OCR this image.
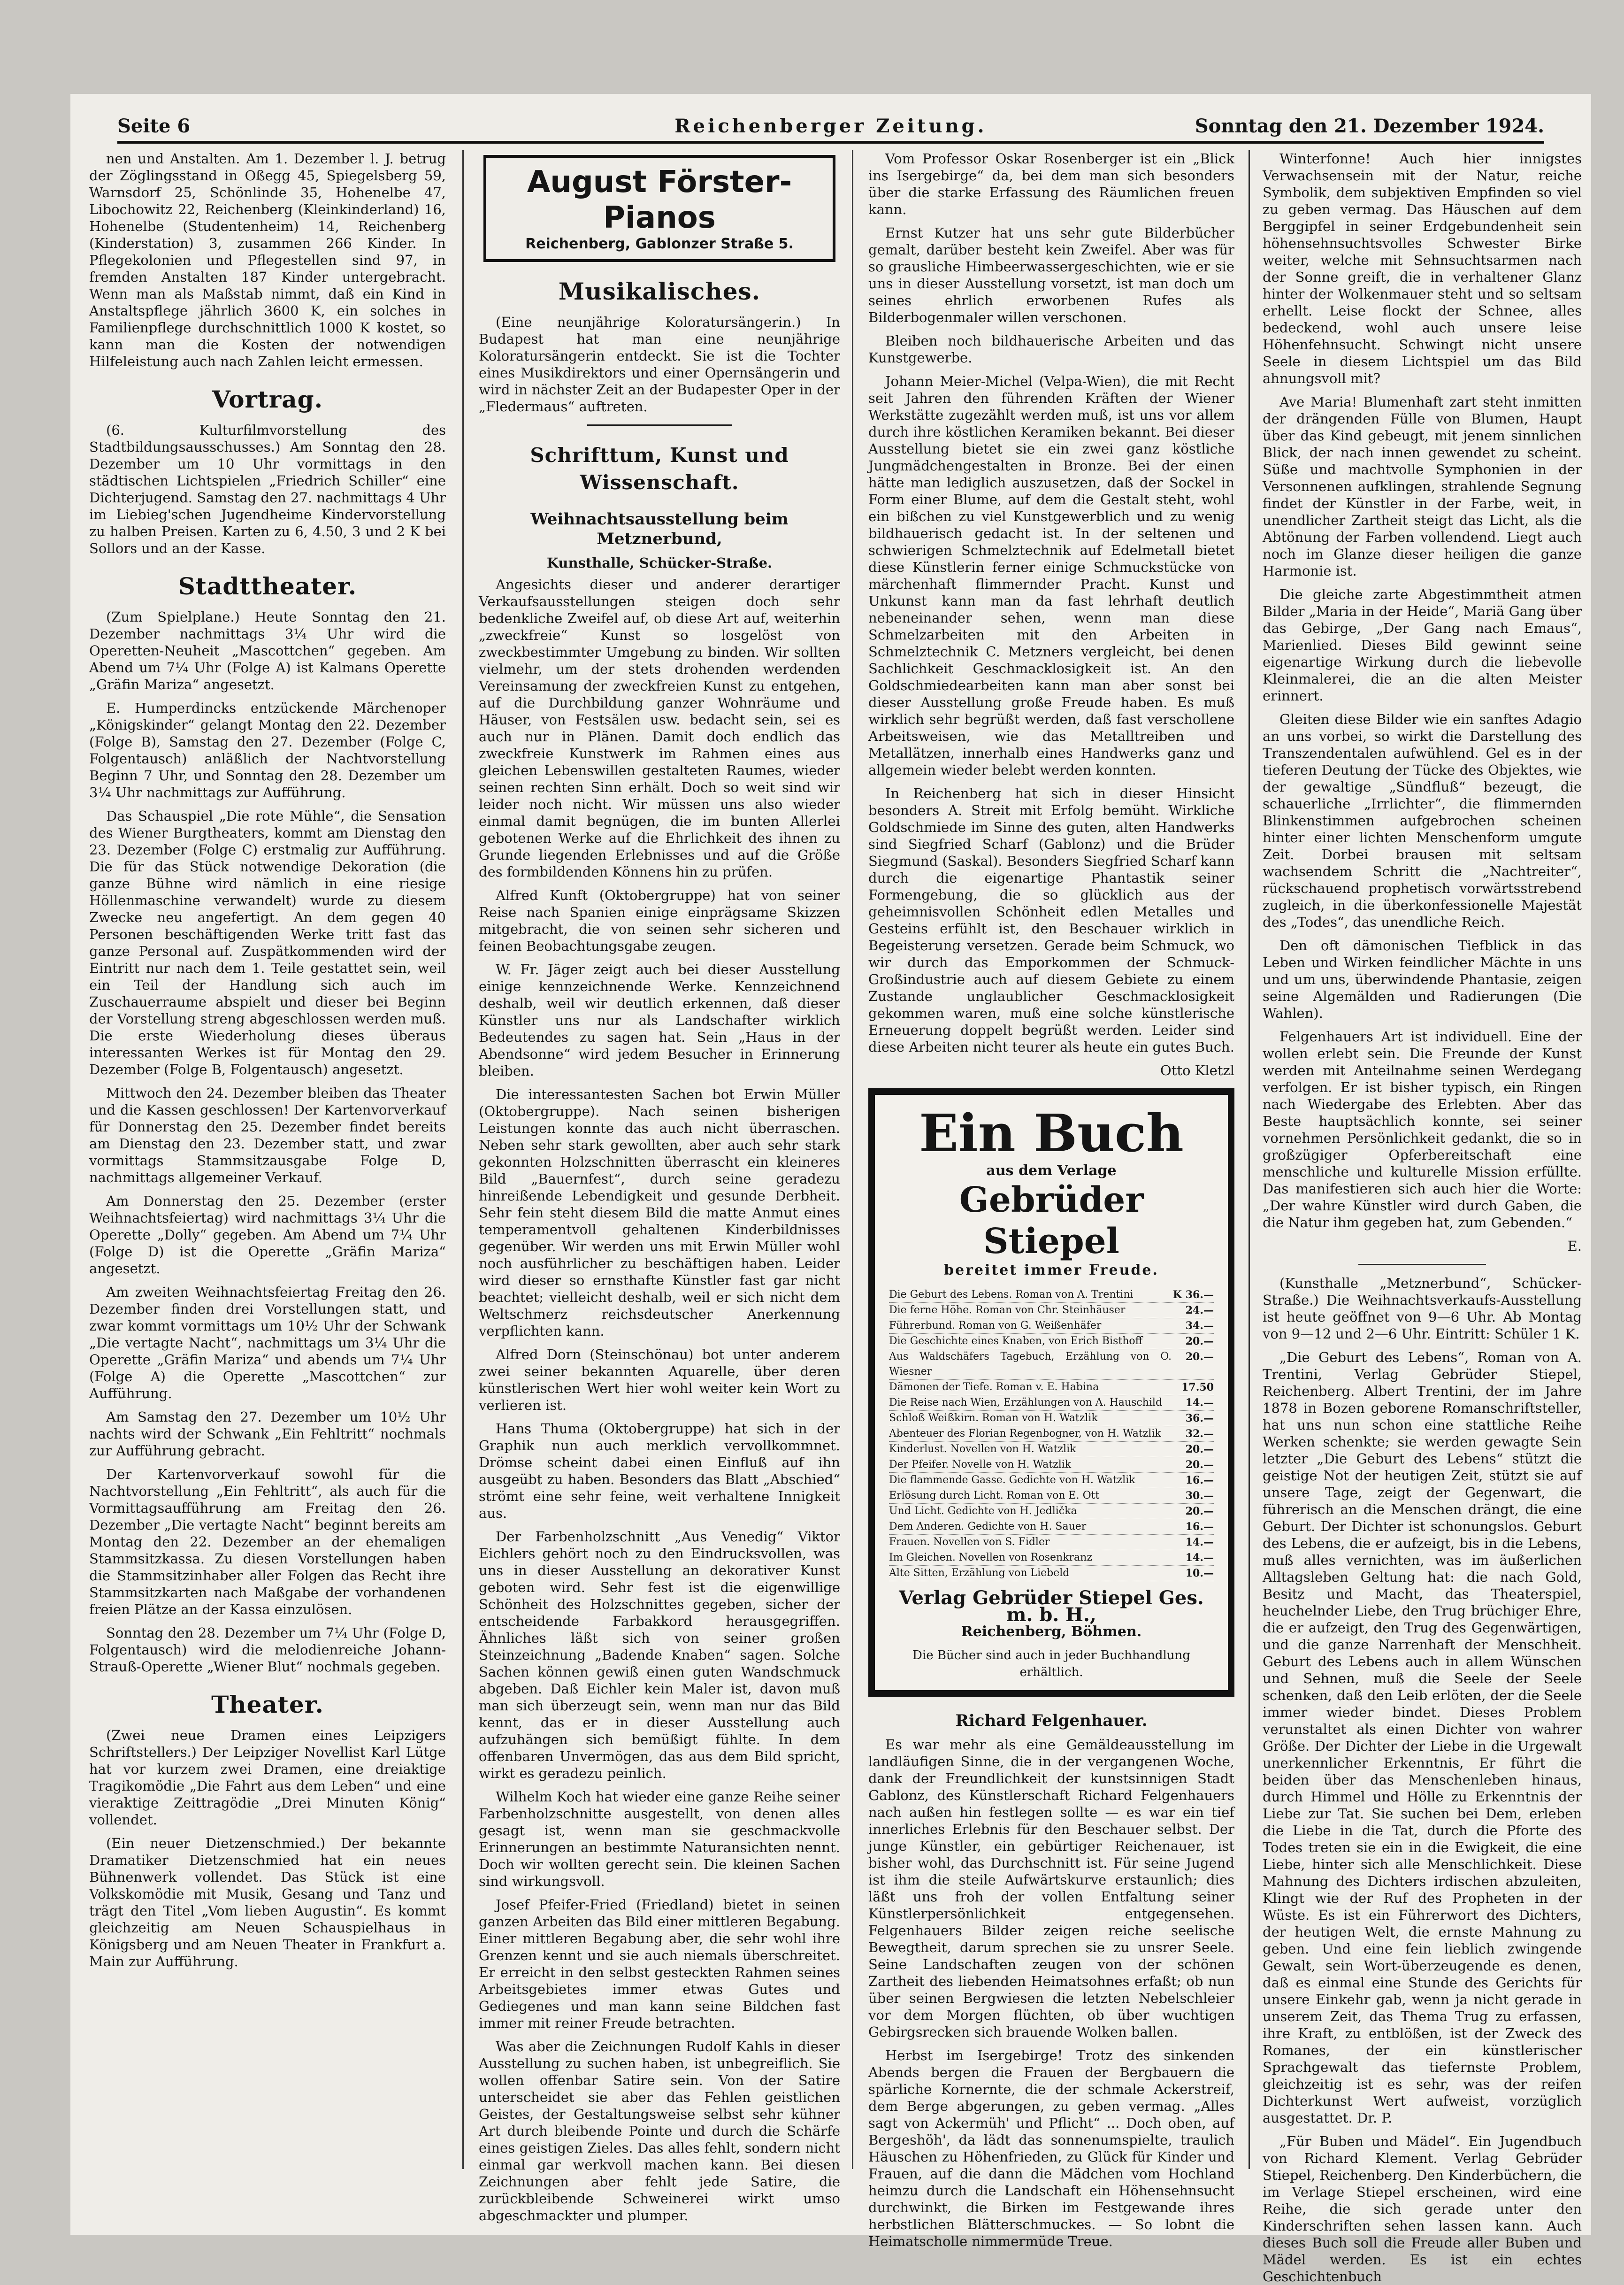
Reichenberger Zeitung.
Seite 6	Sonntag den 21. Dezember 1924.

nen und Anstalten. Am 1. Dezember l. J. betrug der Zöglingsstand in Oßegg 45, Spiegelsberg 59, Warnsdorf 25, Schönlinde 35, Hohenelbe 47, Libochowitz 22, Reichenberg (Kleinkinderland) 16, Hohenelbe (Studentenheim) 14, Reichenberg (Kinderstation) 3, zusammen 266 Kinder. In Pflegekolonien und Pflegestellen sind 97, in fremden Anstalten 187 Kinder untergebracht. Wenn man als Maßstab nimmt, daß ein Kind in Anstaltspflege jährlich 3600 K, ein solches in Familienpflege durchschnittlich 1000 K kostet, so kann man die Kosten der notwendigen Hilfeleistung auch nach Zahlen leicht ermessen.

Vortrag.

(6. Kulturfilmvorstellung des Stadtbildungsausschusses.) Am Sonntag den 28. Dezember um 10 Uhr vormittags in den städtischen Lichtspielen „Friedrich Schiller“ eine Dichterjugend. Samstag den 27. nachmittags 4 Uhr im Liebieg'schen Jugendheime Kindervorstellung zu halben Preisen. Karten zu 6, 4.50, 3 und 2 K bei Sollors und an der Kasse.

Stadttheater.

(Zum Spielplane.) Heute Sonntag den 21. Dezember nachmittags 3¼ Uhr wird die Operetten-Neuheit „Mascottchen“ gegeben. Am Abend um 7¼ Uhr (Folge A) ist Kalmans Operette „Gräfin Mariza“ angesetzt.

E. Humperdincks entzückende Märchenoper „Königskinder“ gelangt Montag den 22. Dezember (Folge B), Samstag den 27. Dezember (Folge C, Folgentausch) anläßlich der Nachtvorstellung Beginn 7 Uhr, und Sonntag den 28. Dezember um 3¼ Uhr nachmittags zur Aufführung.

Das Schauspiel „Die rote Mühle“, die Sensation des Wiener Burgtheaters, kommt am Dienstag den 23. Dezember (Folge C) erstmalig zur Aufführung. Die für das Stück notwendige Dekoration (die ganze Bühne wird nämlich in eine riesige Höllenmaschine verwandelt) wurde zu diesem Zwecke neu angefertigt. An dem gegen 40 Personen beschäftigenden Werke tritt fast das ganze Personal auf. Zuspätkommenden wird der Eintritt nur nach dem 1. Teile gestattet sein, weil ein Teil der Handlung sich auch im Zuschauerraume abspielt und dieser bei Beginn der Vorstellung streng abgeschlossen werden muß. Die erste Wiederholung dieses überaus interessanten Werkes ist für Montag den 29. Dezember (Folge B, Folgentausch) angesetzt.

Mittwoch den 24. Dezember bleiben das Theater und die Kassen geschlossen! Der Kartenvorverkauf für Donnerstag den 25. Dezember findet bereits am Dienstag den 23. Dezember statt, und zwar vormittags Stammsitzausgabe Folge D, nachmittags allgemeiner Verkauf.

Am Donnerstag den 25. Dezember (erster Weihnachtsfeiertag) wird nachmittags 3¼ Uhr die Operette „Dolly“ gegeben. Am Abend um 7¼ Uhr (Folge D) ist die Operette „Gräfin Mariza“ angesetzt.

Am zweiten Weihnachtsfeiertag Freitag den 26. Dezember finden drei Vorstellungen statt, und zwar kommt vormittags um 10½ Uhr der Schwank „Die vertagte Nacht“, nachmittags um 3¼ Uhr die Operette „Gräfin Mariza“ und abends um 7¼ Uhr (Folge A) die Operette „Mascottchen“ zur Aufführung.

Am Samstag den 27. Dezember um 10½ Uhr nachts wird der Schwank „Ein Fehltritt“ nochmals zur Aufführung gebracht.

Der Kartenvorverkauf sowohl für die Nachtvorstellung „Ein Fehltritt“, als auch für die Vormittagsaufführung am Freitag den 26. Dezember „Die vertagte Nacht“ beginnt bereits am Montag den 22. Dezember an der ehemaligen Stammsitzkassa. Zu diesen Vorstellungen haben die Stammsitzinhaber aller Folgen das Recht ihre Stammsitzkarten nach Maßgabe der vorhandenen freien Plätze an der Kassa einzulösen.

Sonntag den 28. Dezember um 7¼ Uhr (Folge D, Folgentausch) wird die melodienreiche Johann-Strauß-Operette „Wiener Blut“ nochmals gegeben.

Theater.

(Zwei neue Dramen eines Leipzigers Schriftstellers.) Der Leipziger Novellist Karl Lütge hat vor kurzem zwei Dramen, eine dreiaktige Tragikomödie „Die Fahrt aus dem Leben“ und eine vieraktige Zeittragödie „Drei Minuten König“ vollendet.

(Ein neuer Dietzenschmied.) Der bekannte Dramatiker Dietzenschmied hat ein neues Bühnenwerk vollendet. Das Stück ist eine Volkskomödie mit Musik, Gesang und Tanz und trägt den Titel „Vom lieben Augustin“. Es kommt gleichzeitig am Neuen Schauspielhaus in Königsberg und am Neuen Theater in Frankfurt a. Main zur Aufführung.

August Förster-Pianos
Reichenberg, Gablonzer Straße 5.
Musikalisches.

(Eine neunjährige Koloratursängerin.) In Budapest hat man eine neunjährige Koloratursängerin entdeckt. Sie ist die Tochter eines Musikdirektors und einer Opernsängerin und wird in nächster Zeit an der Budapester Oper in der „Fledermaus“ auftreten.

Schrifttum, Kunst und Wissenschaft.
Weihnachtsausstellung beim Metznerbund,
Kunsthalle, Schücker-Straße.

Angesichts dieser und anderer derartiger Verkaufsausstellungen steigen doch sehr bedenkliche Zweifel auf, ob diese Art auf, weiterhin „zweckfreie“ Kunst so losgelöst von zweckbestimmter Umgebung zu binden. Wir sollten vielmehr, um der stets drohenden werdenden Vereinsamung der zweckfreien Kunst zu entgehen, auf die Durchbildung ganzer Wohnräume und Häuser, von Festsälen usw. bedacht sein, sei es auch nur in Plänen. Damit doch endlich das zweckfreie Kunstwerk im Rahmen eines aus gleichen Lebenswillen gestalteten Raumes, wieder seinen rechten Sinn erhält. Doch so weit sind wir leider noch nicht. Wir müssen uns also wieder einmal damit begnügen, die im bunten Allerlei gebotenen Werke auf die Ehrlichkeit des ihnen zu Grunde liegenden Erlebnisses und auf die Größe des formbildenden Könnens hin zu prüfen.

Alfred Kunft (Oktobergruppe) hat von seiner Reise nach Spanien einige einprägsame Skizzen mitgebracht, die von seinen sehr sicheren und feinen Beobachtungsgabe zeugen.

W. Fr. Jäger zeigt auch bei dieser Ausstellung einige kennzeichnende Werke. Kennzeichnend deshalb, weil wir deutlich erkennen, daß dieser Künstler uns nur als Landschafter wirklich Bedeutendes zu sagen hat. Sein „Haus in der Abendsonne“ wird jedem Besucher in Erinnerung bleiben.

Die interessantesten Sachen bot Erwin Müller (Oktobergruppe). Nach seinen bisherigen Leistungen konnte das auch nicht überraschen. Neben sehr stark gewollten, aber auch sehr stark gekonnten Holzschnitten überrascht ein kleineres Bild „Bauernfest“, durch seine geradezu hinreißende Lebendigkeit und gesunde Derbheit. Sehr fein steht diesem Bild die matte Anmut eines temperamentvoll gehaltenen Kinderbildnisses gegenüber. Wir werden uns mit Erwin Müller wohl noch ausführlicher zu beschäftigen haben. Leider wird dieser so ernsthafte Künstler fast gar nicht beachtet; vielleicht deshalb, weil er sich nicht dem Weltschmerz reichsdeutscher Anerkennung verpflichten kann.

Alfred Dorn (Steinschönau) bot unter anderem zwei seiner bekannten Aquarelle, über deren künstlerischen Wert hier wohl weiter kein Wort zu verlieren ist.

Hans Thuma (Oktobergruppe) hat sich in der Graphik nun auch merklich vervollkommnet. Drömse scheint dabei einen Einfluß auf ihn ausgeübt zu haben. Besonders das Blatt „Abschied“ strömt eine sehr feine, weit verhaltene Innigkeit aus.

Der Farbenholzschnitt „Aus Venedig“ Viktor Eichlers gehört noch zu den Eindrucksvollen, was uns in dieser Ausstellung an dekorativer Kunst geboten wird. Sehr fest ist die eigenwillige Schönheit des Holzschnittes gegeben, sicher der entscheidende Farbakkord herausgegriffen. Ähnliches läßt sich von seiner großen Steinzeichnung „Badende Knaben“ sagen. Solche Sachen können gewiß einen guten Wandschmuck abgeben. Daß Eichler kein Maler ist, davon muß man sich überzeugt sein, wenn man nur das Bild kennt, das er in dieser Ausstellung auch aufzuhängen sich bemüßigt fühlte. In dem offenbaren Unvermögen, das aus dem Bild spricht, wirkt es geradezu peinlich.

Wilhelm Koch hat wieder eine ganze Reihe seiner Farbenholzschnitte ausgestellt, von denen alles gesagt ist, wenn man sie geschmackvolle Erinnerungen an bestimmte Naturansichten nennt. Doch wir wollten gerecht sein. Die kleinen Sachen sind wirkungsvoll.

Josef Pfeifer-Fried (Friedland) bietet in seinen ganzen Arbeiten das Bild einer mittleren Begabung. Einer mittleren Begabung aber, die sehr wohl ihre Grenzen kennt und sie auch niemals überschreitet. Er erreicht in den selbst gesteckten Rahmen seines Arbeitsgebietes immer etwas Gutes und Gediegenes und man kann seine Bildchen fast immer mit reiner Freude betrachten.

Was aber die Zeichnungen Rudolf Kahls in dieser Ausstellung zu suchen haben, ist unbegreiflich. Sie wollen offenbar Satire sein. Von der Satire unterscheidet sie aber das Fehlen geistlichen Geistes, der Gestaltungsweise selbst sehr kühner Art durch bleibende Pointe und durch die Schärfe eines geistigen Zieles. Das alles fehlt, sondern nicht einmal gar werkvoll machen kann. Bei diesen Zeichnungen aber fehlt jede Satire, die zurückbleibende Schweinerei wirkt umso abgeschmackter und plumper.

Vom Professor Oskar Rosenberger ist ein „Blick ins Isergebirge“ da, bei dem man sich besonders über die starke Erfassung des Räumlichen freuen kann.

Ernst Kutzer hat uns sehr gute Bilderbücher gemalt, darüber besteht kein Zweifel. Aber was für so grausliche Himbeerwassergeschichten, wie er sie uns in dieser Ausstellung vorsetzt, ist man doch um seines ehrlich erworbenen Rufes als Bilderbogenmaler willen verschonen.

Bleiben noch bildhauerische Arbeiten und das Kunstgewerbe.

Johann Meier-Michel (Velpa-Wien), die mit Recht seit Jahren den führenden Kräften der Wiener Werkstätte zugezählt werden muß, ist uns vor allem durch ihre köstlichen Keramiken bekannt. Bei dieser Ausstellung bietet sie ein zwei ganz köstliche Jungmädchengestalten in Bronze. Bei der einen hätte man lediglich auszusetzen, daß der Sockel in Form einer Blume, auf dem die Gestalt steht, wohl ein bißchen zu viel Kunstgewerblich und zu wenig bildhauerisch gedacht ist. In der seltenen und schwierigen Schmelztechnik auf Edelmetall bietet diese Künstlerin ferner einige Schmuckstücke von märchenhaft flimmernder Pracht. Kunst und Unkunst kann man da fast lehrhaft deutlich nebeneinander sehen, wenn man diese Schmelzarbeiten mit den Arbeiten in Schmelztechnik C. Metzners vergleicht, bei denen Sachlichkeit Geschmacklosigkeit ist. An den Goldschmiedearbeiten kann man aber sonst bei dieser Ausstellung große Freude haben. Es muß wirklich sehr begrüßt werden, daß fast verschollene Arbeitsweisen, wie das Metalltreiben und Metallätzen, innerhalb eines Handwerks ganz und allgemein wieder belebt werden konnten.

In Reichenberg hat sich in dieser Hinsicht besonders A. Streit mit Erfolg bemüht. Wirkliche Goldschmiede im Sinne des guten, alten Handwerks sind Siegfried Scharf (Gablonz) und die Brüder Siegmund (Saskal). Besonders Siegfried Scharf kann durch die eigenartige Phantastik seiner Formengebung, die so glücklich aus der geheimnisvollen Schönheit edlen Metalles und Gesteins erfühlt ist, den Beschauer wirklich in Begeisterung versetzen. Gerade beim Schmuck, wo wir durch das Emporkommen der Schmuck-Großindustrie auch auf diesem Gebiete zu einem Zustande unglaublicher Geschmacklosigkeit gekommen waren, muß eine solche künstlerische Erneuerung doppelt begrüßt werden. Leider sind diese Arbeiten nicht teurer als heute ein gutes Buch.

Otto Kletzl
Ein Buch
aus dem Verlage
Gebrüder Stiepel
bereitet immer Freude.
Die Geburt des Lebens. Roman von A. Trentini	K 36.—
Die ferne Höhe. Roman von Chr. Steinhäuser	24.—
Führerbund. Roman von G. Weißenhäfer	34.—
Die Geschichte eines Knaben, von Erich Bisthoff	20.—
Aus Waldschäfers Tagebuch, Erzählung von O. Wiesner
20.—
Dämonen der Tiefe. Roman v. E. Habina	17.50
Die Reise nach Wien, Erzählungen von A. Hauschild	14.—
Schloß Weißkirn. Roman von H. Watzlik	36.—
Abenteuer des Florian Regenbogner, von H. Watzlik	32.—
Kinderlust. Novellen von H. Watzlik	20.—
Der Pfeifer. Novelle von H. Watzlik	20.—
Die flammende Gasse. Gedichte von H. Watzlik	16.—
Erlösung durch Licht. Roman von E. Ott	30.—
Und Licht. Gedichte von H. Jedlička	20.—
Dem Anderen. Gedichte von H. Sauer	16.—
Frauen. Novellen von S. Fidler	14.—
Im Gleichen. Novellen von Rosenkranz	14.—
Alte Sitten, Erzählung von Liebeld	10.—
Verlag Gebrüder Stiepel Ges. m. b. H.,
Reichenberg, Böhmen.
Die Bücher sind auch in jeder Buchhandlung erhältlich.
Richard Felgenhauer.

Es war mehr als eine Gemäldeausstellung im landläufigen Sinne, die in der vergangenen Woche, dank der Freundlichkeit der kunstsinnigen Stadt Gablonz, des Künstlerschaft Richard Felgenhauers nach außen hin festlegen sollte — es war ein tief innerliches Erlebnis für den Beschauer selbst. Der junge Künstler, ein gebürtiger Reichenauer, ist bisher wohl, das Durchschnitt ist. Für seine Jugend ist ihm die steile Aufwärtskurve erstaunlich; dies läßt uns froh der vollen Entfaltung seiner Künstlerpersönlichkeit entgegensehen. Felgenhauers Bilder zeigen reiche seelische Bewegtheit, darum sprechen sie zu unsrer Seele. Seine Landschaften zeugen von der schönen Zartheit des liebenden Heimatsohnes erfaßt; ob nun über seinen Bergwiesen die letzten Nebelschleier vor dem Morgen flüchten, ob über wuchtigen Gebirgsrecken sich brauende Wolken ballen.

Herbst im Isergebirge! Trotz des sinkenden Abends bergen die Frauen der Bergbauern die spärliche Kornernte, die der schmale Ackerstreif, dem Berge abgerungen, zu geben vermag. „Alles sagt von Ackermüh' und Pflicht“ ... Doch oben, auf Bergeshöh', da lädt das sonnenumspielte, traulich Häuschen zu Höhenfrieden, zu Glück für Kinder und Frauen, auf die dann die Mädchen vom Hochland heimzu durch die Landschaft ein Höhensehnsucht durchwinkt, die Birken im Festgewande ihres herbstlichen Blätterschmuckes. — So lobnt die Heimatscholle nimmermüde Treue.

Winterfonne! Auch hier innigstes Verwachsensein mit der Natur, reiche Symbolik, dem subjektiven Empfinden so viel zu geben vermag. Das Häuschen auf dem Berggipfel in seiner Erdgebundenheit sein höhensehnsuchtsvolles Schwester Birke weiter, welche mit Sehnsuchtsarmen nach der Sonne greift, die in verhaltener Glanz hinter der Wolkenmauer steht und so seltsam erhellt. Leise flockt der Schnee, alles bedeckend, wohl auch unsere leise Höhenfehnsucht. Schwingt nicht unsere Seele in diesem Lichtspiel um das Bild ahnungsvoll mit?

Ave Maria! Blumenhaft zart steht inmitten der drängenden Fülle von Blumen, Haupt über das Kind gebeugt, mit jenem sinnlichen Blick, der nach innen gewendet zu scheint. Süße und machtvolle Symphonien in der Versonnenen aufklingen, strahlende Segnung findet der Künstler in der Farbe, weit, in unendlicher Zartheit steigt das Licht, als die Abtönung der Farben vollendend. Liegt auch noch im Glanze dieser heiligen die ganze Harmonie ist.

Die gleiche zarte Abgestimmtheit atmen Bilder „Maria in der Heide“, Mariä Gang über das Gebirge, „Der Gang nach Emaus“, Marienlied. Dieses Bild gewinnt seine eigenartige Wirkung durch die liebevolle Kleinmalerei, die an die alten Meister erinnert.

Gleiten diese Bilder wie ein sanftes Adagio an uns vorbei, so wirkt die Darstellung des Transzendentalen aufwühlend. Gel es in der tieferen Deutung der Tücke des Objektes, wie der gewaltige „Sündfluß“ bezeugt, die schauerliche „Irrlichter“, die flimmernden Blinkenstimmen aufgebrochen scheinen hinter einer lichten Menschenform umgute Zeit. Dorbei brausen mit seltsam wachsendem Schritt die „Nachtreiter“, rückschauend prophetisch vorwärtsstrebend zugleich, in die überkonfessionelle Majestät des „Todes“, das unendliche Reich.

Den oft dämonischen Tiefblick in das Leben und Wirken feindlicher Mächte in uns und um uns, überwindende Phantasie, zeigen seine Algemälden und Radierungen (Die Wahlen).

Felgenhauers Art ist individuell. Eine der wollen erlebt sein. Die Freunde der Kunst werden mit Anteilnahme seinen Werdegang verfolgen. Er ist bisher typisch, ein Ringen nach Wiedergabe des Erlebten. Aber das Beste hauptsächlich konnte, sei seiner vornehmen Persönlichkeit gedankt, die so in großzügiger Opferbereitschaft eine menschliche und kulturelle Mission erfüllte. Das manifestieren sich auch hier die Worte: „Der wahre Künstler wird durch Gaben, die die Natur ihm gegeben hat, zum Gebenden.“

E.

(Kunsthalle „Metznerbund“, Schücker-Straße.) Die Weihnachtsverkaufs-Ausstellung ist heute geöffnet von 9—6 Uhr. Ab Montag von 9—12 und 2—6 Uhr. Eintritt: Schüler 1 K.

„Die Geburt des Lebens“, Roman von A. Trentini, Verlag Gebrüder Stiepel, Reichenberg. Albert Trentini, der im Jahre 1878 in Bozen geborene Romanschriftsteller, hat uns nun schon eine stattliche Reihe Werken schenkte; sie werden gewagte Sein letzter „Die Geburt des Lebens“ stützt die geistige Not der heutigen Zeit, stützt sie auf unsere Tage, zeigt der Gegenwart, die führerisch an die Menschen drängt, die eine Geburt. Der Dichter ist schonungslos. Geburt des Lebens, die er aufzeigt, bis in die Lebens, muß alles vernichten, was im äußerlichen Alltagsleben Geltung hat: die nach Gold, Besitz und Macht, das Theaterspiel, heuchelnder Liebe, den Trug brüchiger Ehre, die er aufzeigt, den Trug des Gegenwärtigen, und die ganze Narrenhaft der Menschheit. Geburt des Lebens auch in allem Wünschen und Sehnen, muß die Seele der Seele schenken, daß den Leib erlöten, der die Seele immer wieder bindet. Dieses Problem verunstaltet als einen Dichter von wahrer Größe. Der Dichter der Liebe in die Urgewalt unerkennlicher Erkenntnis, Er führt die beiden über das Menschenleben hinaus, durch Himmel und Hölle zu Erkenntnis der Liebe zur Tat. Sie suchen bei Dem, erleben die Liebe in die Tat, durch die Pforte des Todes treten sie ein in die Ewigkeit, die eine Liebe, hinter sich alle Menschlichkeit. Diese Mahnung des Dichters irdischen abzuleiten, Klingt wie der Ruf des Propheten in der Wüste. Es ist ein Führerwort des Dichters, der heutigen Welt, die ernste Mahnung zu geben. Und eine fein lieblich zwingende Gewalt, sein Wort-überzeugende es denen, daß es einmal eine Stunde des Gerichts für unsere Einkehr gab, wenn ja nicht gerade in unserem Zeit, das Thema Trug zu erfassen, ihre Kraft, zu entblößen, ist der Zweck des Romanes, der ein künstlerischer Sprachgewalt das tiefernste Problem, gleichzeitig ist es sehr, was der reifen Dichterkunst Wert aufweist, vorzüglich ausgestattet. Dr. P.

„Für Buben und Mädel“. Ein Jugendbuch von Richard Klement. Verlag Gebrüder Stiepel, Reichenberg. Den Kinderbüchern, die im Verlage Stiepel erscheinen, wird eine Reihe, die sich gerade unter den Kinderschriften sehen lassen kann. Auch dieses Buch soll die Freude aller Buben und Mädel werden. Es ist ein echtes Geschichtenbuch
